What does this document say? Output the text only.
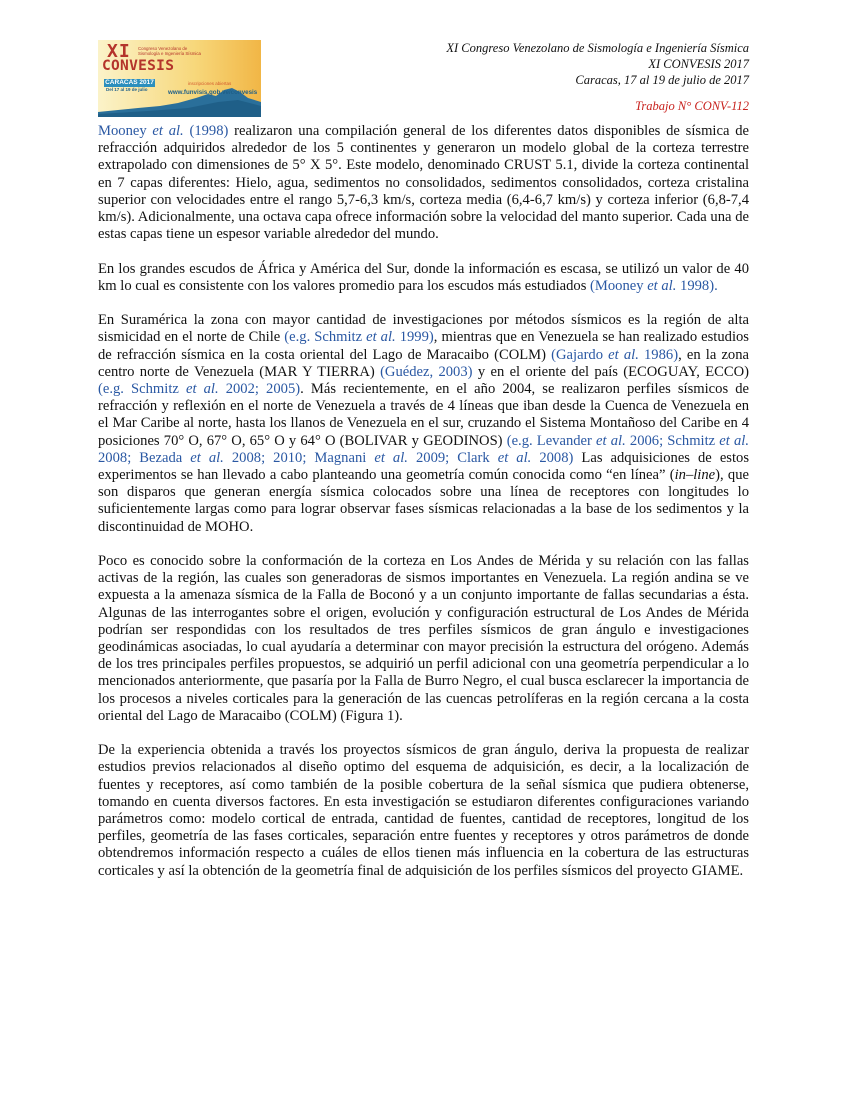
XI Congreso Venezolano de Sismología e Ingeniería Sísmica
CONVESIS
CARACAS 2017
Del 17 al 19 de julio
inscripciones abiertas
www.funvisis.gob.ve/convesis
XI Congreso Venezolano de Sismología e Ingeniería Sísmica
XI CONVESIS 2017
Caracas, 17 al 19 de julio de 2017
Trabajo N° CONV-112

Mooney et al. (1998) realizaron una compilación general de los diferentes datos disponibles de sísmica de refracción adquiridos alrededor de los 5 continentes y generaron un modelo global de la corteza terrestre extrapolado con dimensiones de 5° X 5°. Este modelo, denominado CRUST 5.1, divide la corteza continental en 7 capas diferentes: Hielo, agua, sedimentos no consolidados, sedimentos consolidados, corteza cristalina superior con velocidades entre el rango 5,7-6,3 km/s, corteza media (6,4-6,7 km/s) y corteza inferior (6,8-7,4 km/s). Adicionalmente, una octava capa ofrece información sobre la velocidad del manto superior. Cada una de estas capas tiene un espesor variable alrededor del mundo.

En los grandes escudos de África y América del Sur, donde la información es escasa, se utilizó un valor de 40 km lo cual es consistente con los valores promedio para los escudos más estudiados (Mooney et al. 1998).

En Suramérica la zona con mayor cantidad de investigaciones por métodos sísmicos es la región de alta sismicidad en el norte de Chile (e.g. Schmitz et al. 1999), mientras que en Venezuela se han realizado estudios de refracción sísmica en la costa oriental del Lago de Maracaibo (COLM) (Gajardo et al. 1986), en la zona centro norte de Venezuela (MAR Y TIERRA) (Guédez, 2003) y en el oriente del país (ECOGUAY, ECCO) (e.g. Schmitz et al. 2002; 2005). Más recientemente, en el año 2004, se realizaron perfiles sísmicos de refracción y reflexión en el norte de Venezuela a través de 4 líneas que iban desde la Cuenca de Venezuela en el Mar Caribe al norte, hasta los llanos de Venezuela en el sur, cruzando el Sistema Montañoso del Caribe en 4 posiciones 70° O, 67° O, 65° O y 64° O (BOLIVAR y GEODINOS) (e.g. Levander et al. 2006; Schmitz et al. 2008; Bezada et al. 2008; 2010; Magnani et al. 2009; Clark et al. 2008) Las adquisiciones de estos experimentos se han llevado a cabo planteando una geometría común conocida como “en línea” (in–line), que son disparos que generan energía sísmica colocados sobre una línea de receptores con longitudes lo suficientemente largas como para lograr observar fases sísmicas relacionadas a la base de los sedimentos y la discontinuidad de MOHO.

Poco es conocido sobre la conformación de la corteza en Los Andes de Mérida y su relación con las fallas activas de la región, las cuales son generadoras de sismos importantes en Venezuela. La región andina se ve expuesta a la amenaza sísmica de la Falla de Boconó y a un conjunto importante de fallas secundarias a ésta. Algunas de las interrogantes sobre el origen, evolución y configuración estructural de Los Andes de Mérida podrían ser respondidas con los resultados de tres perfiles sísmicos de gran ángulo e investigaciones geodinámicas asociadas, lo cual ayudaría a determinar con mayor precisión la estructura del orógeno. Además de los tres principales perfiles propuestos, se adquirió un perfil adicional con una geometría perpendicular a lo mencionados anteriormente, que pasaría por la Falla de Burro Negro, el cual busca esclarecer la importancia de los procesos a niveles corticales para la generación de las cuencas petrolíferas en la región cercana a la costa oriental del Lago de Maracaibo (COLM) (Figura 1).

De la experiencia obtenida a través los proyectos sísmicos de gran ángulo, deriva la propuesta de realizar estudios previos relacionados al diseño optimo del esquema de adquisición, es decir, a la localización de fuentes y receptores, así como también de la posible cobertura de la señal sísmica que pudiera obtenerse, tomando en cuenta diversos factores. En esta investigación se estudiaron diferentes configuraciones variando parámetros como: modelo cortical de entrada, cantidad de fuentes, cantidad de receptores, longitud de los perfiles, geometría de las fases corticales, separación entre fuentes y receptores y otros parámetros de donde obtendremos información respecto a cuáles de ellos tienen más influencia en la cobertura de las estructuras corticales y así la obtención de la geometría final de adquisición de los perfiles sísmicos del proyecto GIAME.
